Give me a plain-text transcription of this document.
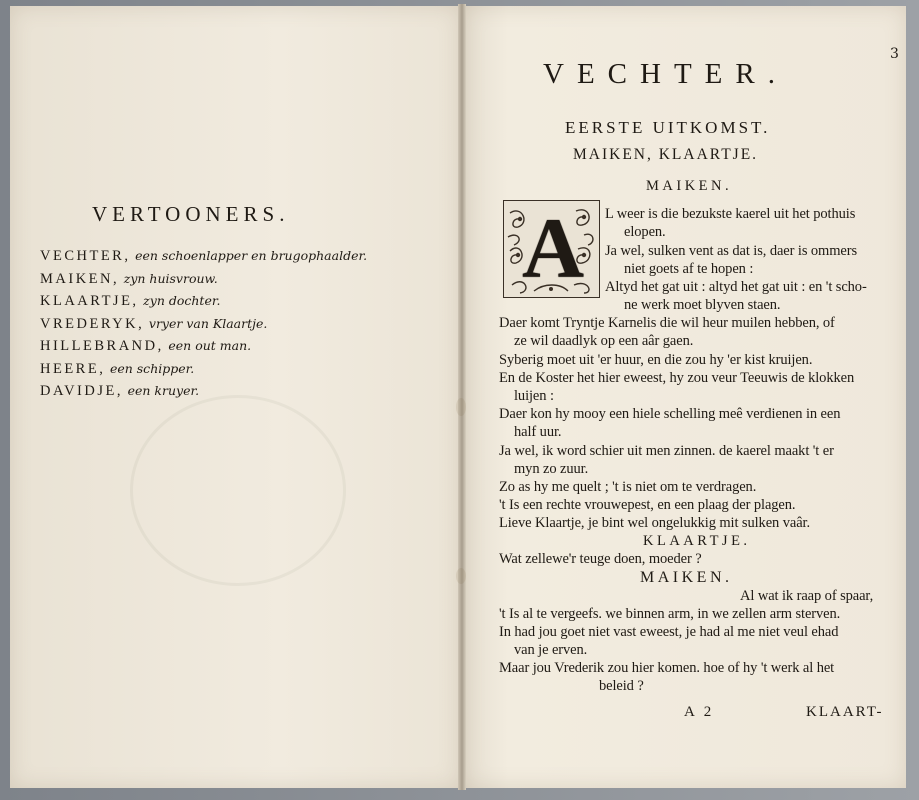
VERTOONERS.
VECHTER, een schoenlapper en brugophaalder.
MAIKEN, zyn huisvrouw.
KLAARTJE, zyn dochter.
VREDERYK, vryer van Klaartje.
HILLEBRAND, een out man.
HEERE, een schipper.
DAVIDJE, een kruyer.
3
VECHTER.
EERSTE UITKOMST.
MAIKEN, KLAARTJE.
MAIKEN.
A L weer is die bezukste kaerel uit het pothuis
elopen.
Ja wel, sulken vent as dat is, daer is ommers
niet goets af te hopen :
Altyd het gat uit : altyd het gat uit : en 't scho-
ne werk moet blyven staen.
Daer komt Tryntje Karnelis die wil heur muilen hebben, of
ze wil daadlyk op een aâr gaen.
Syberig moet uit 'er huur, en die zou hy 'er kist kruijen.
En de Koster het hier eweest, hy zou veur Teeuwis de klokken
luijen :
Daer kon hy mooy een hiele schelling meê verdienen in een
half uur.
Ja wel, ik word schier uit men zinnen. de kaerel maakt 't er
myn zo zuur.
Zo as hy me quelt ; 't is niet om te verdragen.
't Is een rechte vrouwepest, en een plaag der plagen.
Lieve Klaartje, je bint wel ongelukkig mit sulken vaâr.
KLAARTJE.
Wat zellewe'r teuge doen, moeder ?
MAIKEN.
Al wat ik raap of spaar,
't Is al te vergeefs. we binnen arm, in we zellen arm sterven.
In had jou goet niet vast eweest, je had al me niet veul ehad
van je erven.
Maar jou Vrederik zou hier komen. hoe of hy 't werk al het
beleid ?
A 2	KLAART-
